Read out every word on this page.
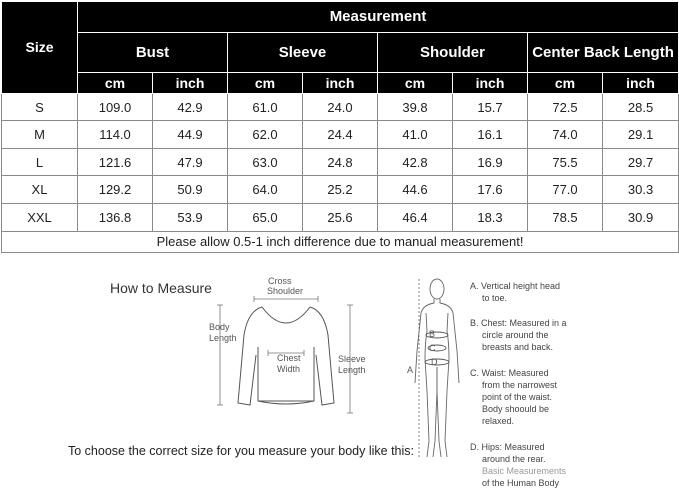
Size	Measurement							
	Bust		Sleeve		Shoulder		Center Back Length	
	cm	inch	cm	inch	cm	inch	cm	inch
S	109.0	42.9	61.0	24.0	39.8	15.7	72.5	28.5
M	114.0	44.9	62.0	24.4	41.0	16.1	74.0	29.1
L	121.6	47.9	63.0	24.8	42.8	16.9	75.5	29.7
XL	129.2	50.9	64.0	25.2	44.6	17.6	77.0	30.3
XXL	136.8	53.9	65.0	25.6	46.4	18.3	78.5	30.9
Please allow 0.5-1 inch difference due to manual measurement!								
How to Measure	Cross
Shoulder
Body
Length
Sleeve
Length
Chest
Width
B
C
D
A
A. Vertical height head
to toe.
B. Chest: Measured in a
circle around the
breasts and back.
C. Waist: Measured
from the narrowest
point of the waist.
Body shoould be
relaxed.
D. Hips: Measured
around the rear.
Basic Measurements
of the Human Body
To choose the correct size for you measure your body like this:
